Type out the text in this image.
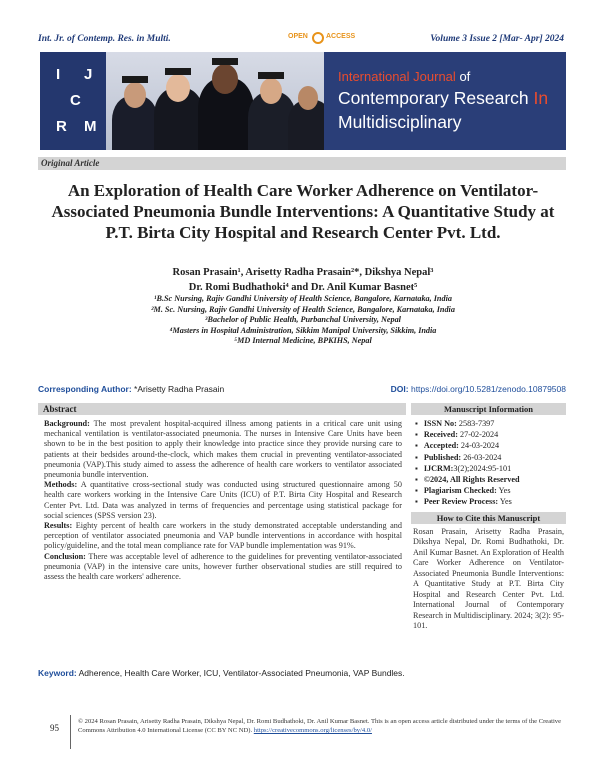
Int. Jr. of Contemp. Res. in Multi.	OPEN	ACCESS	Volume 3 Issue 2 [Mar- Apr] 2024
I J
C
R M
International Journal of
Contemporary Research In
Multidisciplinary
Original Article
An Exploration of Health Care Worker Adherence on Ventilator-Associated Pneumonia Bundle Interventions: A Quantitative Study at P.T. Birta City Hospital and Research Center Pvt. Ltd.
Rosan Prasain¹, Arisetty Radha Prasain²*, Dikshya Nepal³
Dr. Romi Budhathoki⁴ and Dr. Anil Kumar Basnet⁵
¹B.Sc Nursing, Rajiv Gandhi University of Health Science, Bangalore, Karnataka, India
²M. Sc. Nursing, Rajiv Gandhi University of Health Science, Bangalore, Karnataka, India
³Bachelor of Public Health, Purbanchal University, Nepal
⁴Masters in Hospital Administration, Sikkim Manipal University, Sikkim, India
⁵MD Internal Medicine, BPKIHS, Nepal
Corresponding Author: *Arisetty Radha Prasain	DOI: https://doi.org/10.5281/zenodo.10879508
Abstract

Background: The most prevalent hospital-acquired illness among patients in a critical care unit using mechanical ventilation is ventilator-associated pneumonia. The nurses in Intensive Care Units have been shown to be in the best position to apply their knowledge into practice since they provide nursing care to patients at their bedsides around-the-clock, which makes them crucial in preventing ventilator-associated pneumonia (VAP).This study aimed to assess the adherence of health care workers to ventilator associated pneumonia bundle intervention.

Methods: A quantitative cross-sectional study was conducted using structured questionnaire among 50 health care workers working in the Intensive Care Units (ICU) of P.T. Birta City Hospital and Research Center Pvt. Ltd. Data was analyzed in terms of frequencies and percentage using statistical package for social sciences (SPSS version 23).

Results: Eighty percent of health care workers in the study demonstrated acceptable understanding and perception of ventilator associated pneumonia and VAP bundle interventions in accordance with hospital policy/guideline, and the total mean compliance rate for VAP bundle implementation was 91%.

Conclusion: There was acceptable level of adherence to the guidelines for preventing ventilator-associated pneumonia (VAP) in the intensive care units, however further observational studies are still required to assess the health care workers' adherence.

Manuscript Information
▪ ISSN No: 2583-7397
▪ Received: 27-02-2024
▪ Accepted: 24-03-2024
▪ Published: 26-03-2024
▪ IJCRM:3(2);2024:95-101
▪ ©2024, All Rights Reserved
▪ Plagiarism Checked: Yes
▪ Peer Review Process: Yes
How to Cite this Manuscript
Rosan Prasain, Arisetty Radha Prasain, Dikshya Nepal, Dr. Romi Budhathoki, Dr. Anil Kumar Basnet. An Exploration of Health Care Worker Adherence on Ventilator-Associated Pneumonia Bundle Interventions: A Quantitative Study at P.T. Birta City Hospital and Research Center Pvt. Ltd. International Journal of Contemporary Research in Multidisciplinary. 2024; 3(2): 95-101.
Keyword: Adherence, Health Care Worker, ICU, Ventilator-Associated Pneumonia, VAP Bundles.
95
© 2024 Rosan Prasain, Arisetty Radha Prasain, Dikshya Nepal, Dr. Romi Budhathoki, Dr. Anil Kumar Basnet. This is an open access article distributed under the terms of the Creative Commons Attribution 4.0 International License (CC BY NC ND). https://creativecommons.org/licenses/by/4.0/
